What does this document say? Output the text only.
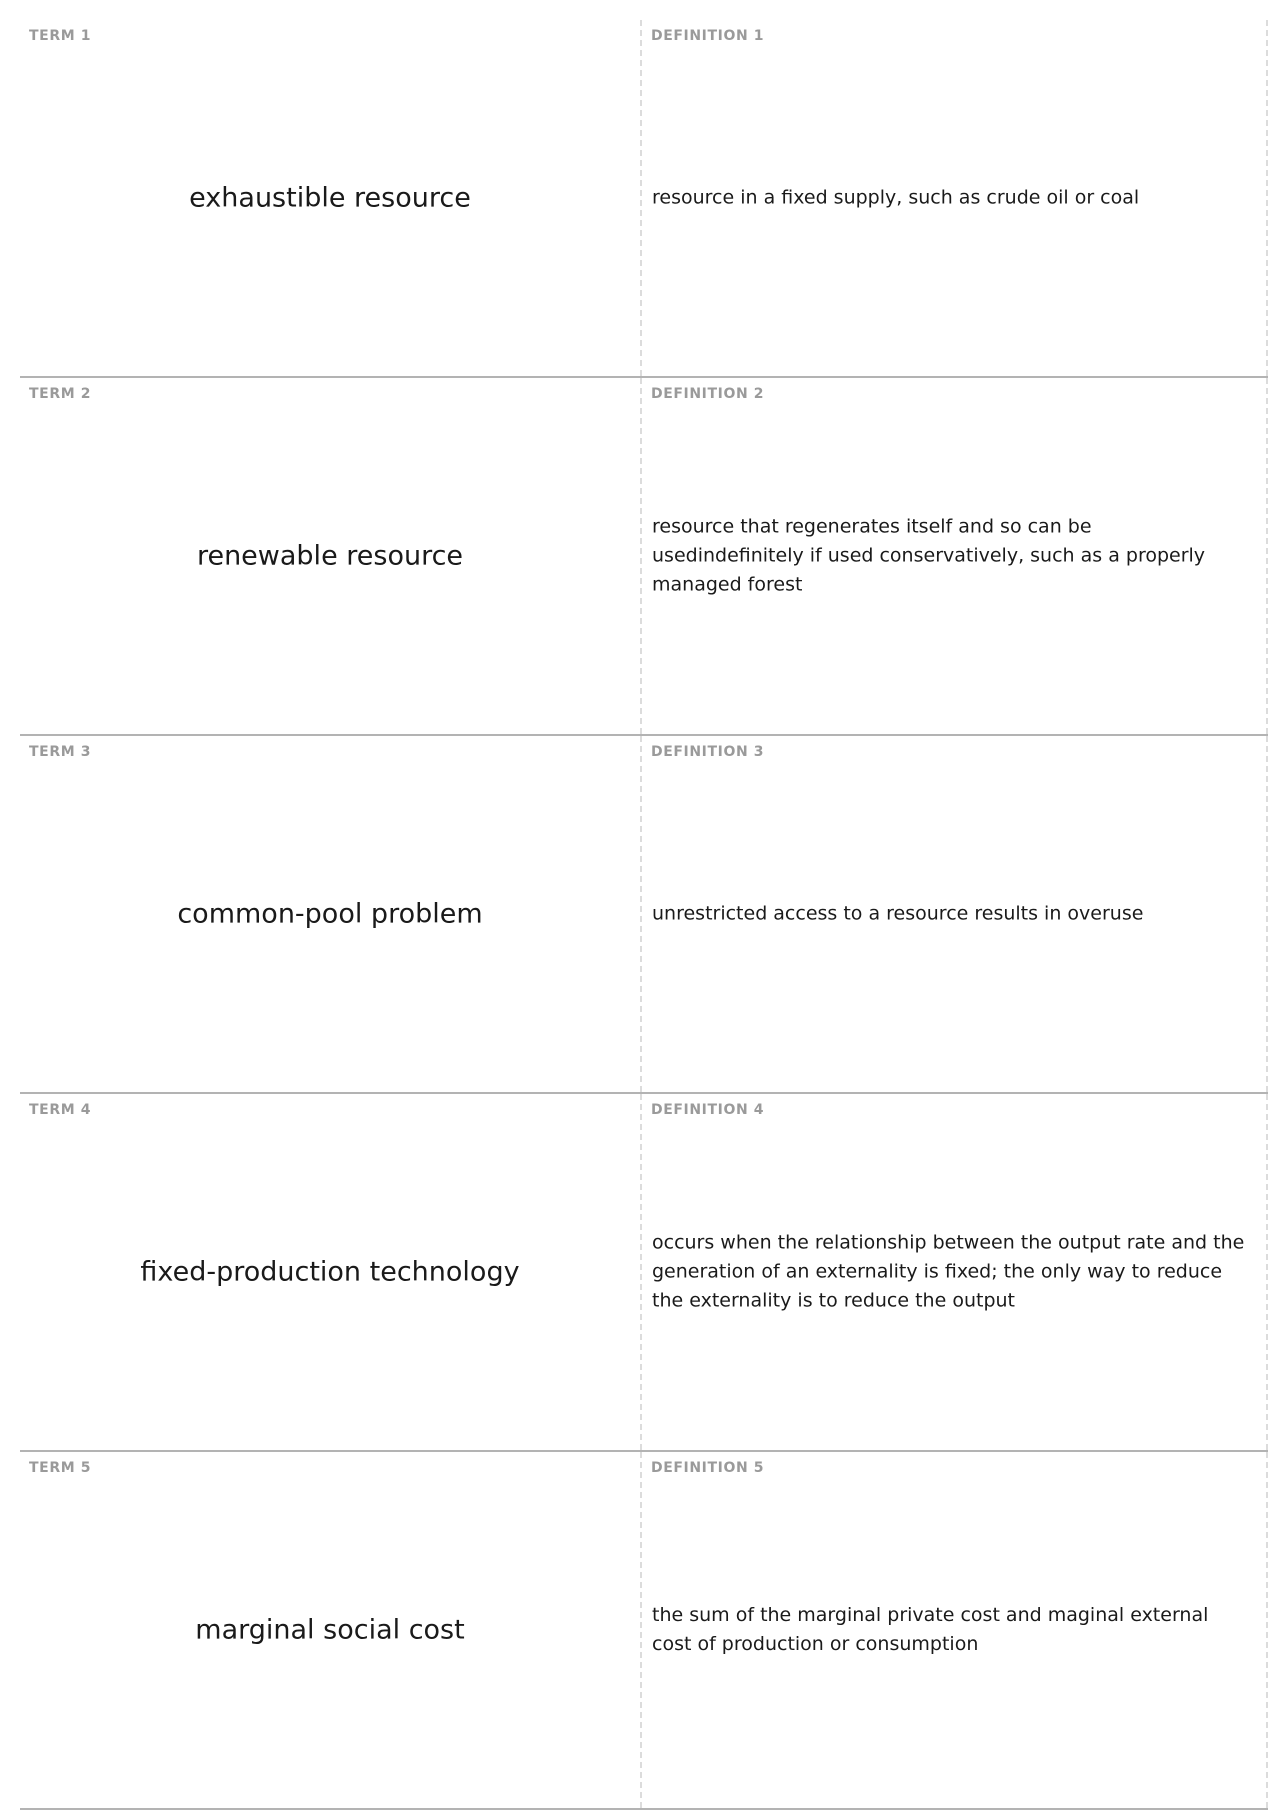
TERM 1
exhaustible resource
DEFINITION 1
resource in a fixed supply, such as crude oil or coal
TERM 2
renewable resource
DEFINITION 2
resource that regenerates itself and so can be usedindefinitely if used conservatively, such as a properly managed forest
TERM 3
common-pool problem
DEFINITION 3
unrestricted access to a resource results in overuse
TERM 4
fixed-production technology
DEFINITION 4
occurs when the relationship between the output rate and the generation of an externality is fixed; the only way to reduce the externality is to reduce the output
TERM 5
marginal social cost
DEFINITION 5
the sum of the marginal private cost and maginal external cost of production or consumption
